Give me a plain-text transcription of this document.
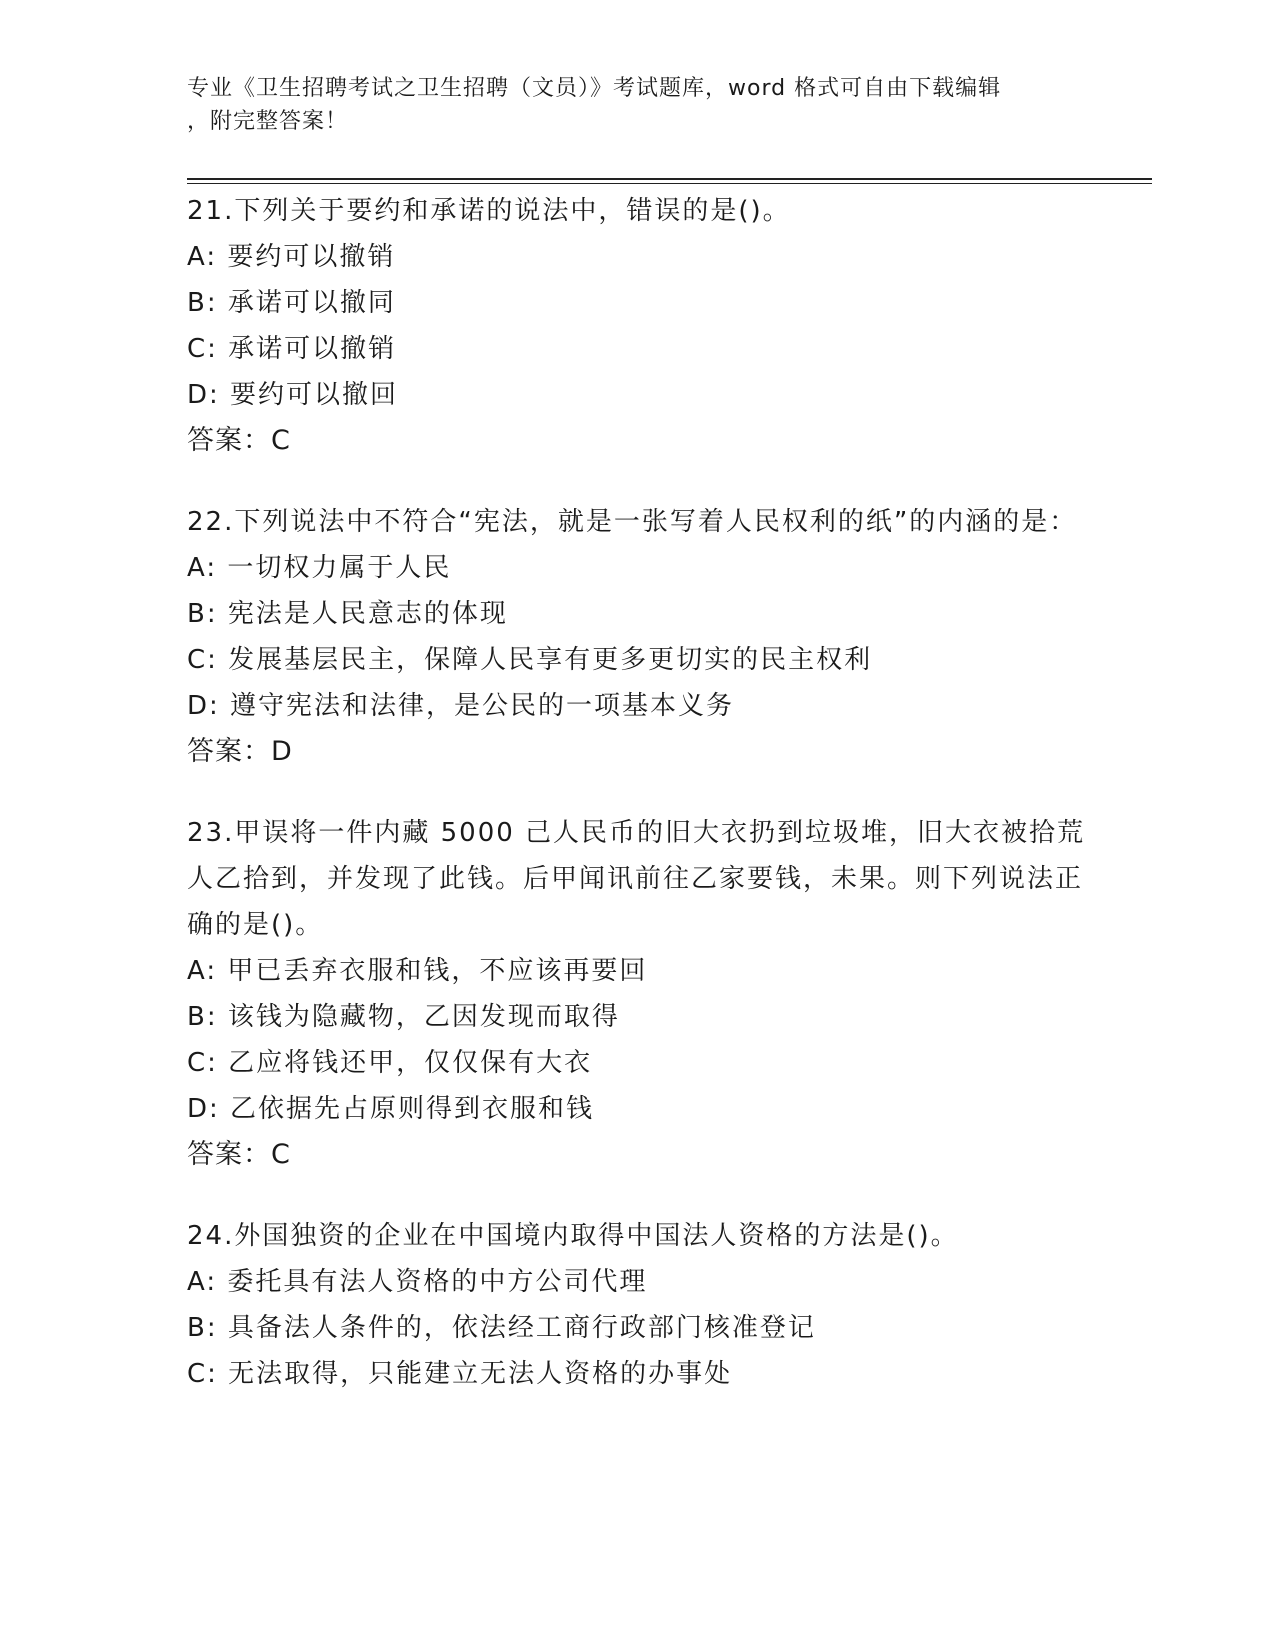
专业《卫生招聘考试之卫生招聘（文员）》考试题库，word 格式可自由下载编辑
，附完整答案！
21.下列关于要约和承诺的说法中，错误的是()。
A: 要约可以撤销
B: 承诺可以撤同
C: 承诺可以撤销
D: 要约可以撤回
答案：C
22.下列说法中不符合“宪法，就是一张写着人民权利的纸”的内涵的是：
A: 一切权力属于人民
B: 宪法是人民意志的体现
C: 发展基层民主，保障人民享有更多更切实的民主权利
D: 遵守宪法和法律，是公民的一项基本义务
答案：D
23.甲误将一件内藏 5000 己人民币的旧大衣扔到垃圾堆，旧大衣被拾荒人乙拾到，并发现了此钱。后甲闻讯前往乙家要钱，未果。则下列说法正确的是()。
A: 甲已丢弃衣服和钱，不应该再要回
B: 该钱为隐藏物，乙因发现而取得
C: 乙应将钱还甲，仅仅保有大衣
D: 乙依据先占原则得到衣服和钱
答案：C
24.外国独资的企业在中国境内取得中国法人资格的方法是()。
A: 委托具有法人资格的中方公司代理
B: 具备法人条件的，依法经工商行政部门核准登记
C: 无法取得，只能建立无法人资格的办事处
